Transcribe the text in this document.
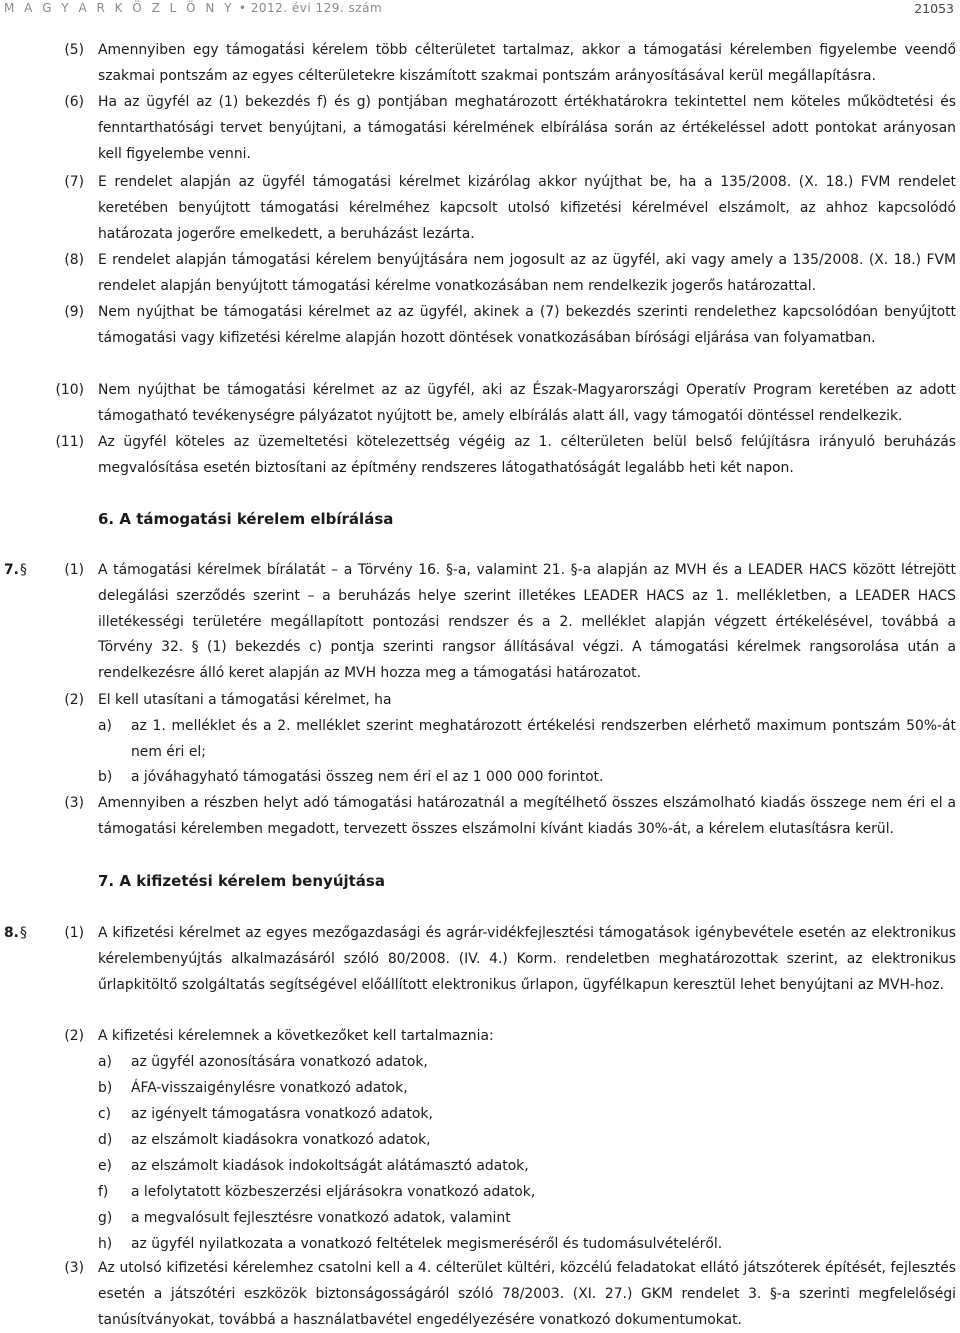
M A G Y A R K Ö Z L Ö N Y • 2012. évi 129. szám	21053
(5) Amennyiben egy támogatási kérelem több célterületet tartalmaz, akkor a támogatási kérelemben figyelembe veendő szakmai pontszám az egyes célterületekre kiszámított szakmai pontszám arányosításával kerül megállapításra.
(6) Ha az ügyfél az (1) bekezdés f) és g) pontjában meghatározott értékhatárokra tekintettel nem köteles működtetési és fenntarthatósági tervet benyújtani, a támogatási kérelmének elbírálása során az értékeléssel adott pontokat arányosan kell figyelembe venni.
(7) E rendelet alapján az ügyfél támogatási kérelmet kizárólag akkor nyújthat be, ha a 135/2008. (X. 18.) FVM rendelet keretében benyújtott támogatási kérelméhez kapcsolt utolsó kifizetési kérelmével elszámolt, az ahhoz kapcsolódó határozata jogerőre emelkedett, a beruházást lezárta.
(8) E rendelet alapján támogatási kérelem benyújtására nem jogosult az az ügyfél, aki vagy amely a 135/2008. (X. 18.) FVM rendelet alapján benyújtott támogatási kérelme vonatkozásában nem rendelkezik jogerős határozattal.
(9) Nem nyújthat be támogatási kérelmet az az ügyfél, akinek a (7) bekezdés szerinti rendelethez kapcsolódóan benyújtott támogatási vagy kifizetési kérelme alapján hozott döntések vonatkozásában bírósági eljárása van folyamatban.
(10) Nem nyújthat be támogatási kérelmet az az ügyfél, aki az Észak-Magyarországi Operatív Program keretében az adott támogatható tevékenységre pályázatot nyújtott be, amely elbírálás alatt áll, vagy támogatói döntéssel rendelkezik.
(11) Az ügyfél köteles az üzemeltetési kötelezettség végéig az 1. célterületen belül belső felújításra irányuló beruházás megvalósítása esetén biztosítani az építmény rendszeres látogathatóságát legalább heti két napon.
6. A támogatási kérelem elbírálása
7. §	(1) A támogatási kérelmek bírálatát – a Törvény 16. §-a, valamint 21. §-a alapján az MVH és a LEADER HACS között létrejött delegálási szerződés szerint – a beruházás helye szerint illetékes LEADER HACS az 1. mellékletben, a LEADER HACS illetékességi területére megállapított pontozási rendszer és a 2. melléklet alapján végzett értékelésével, továbbá a Törvény 32. § (1) bekezdés c) pontja szerinti rangsor állításával végzi. A támogatási kérelmek rangsorolása után a rendelkezésre álló keret alapján az MVH hozza meg a támogatási határozatot.
(2) El kell utasítani a támogatási kérelmet, ha
a) az 1. melléklet és a 2. melléklet szerint meghatározott értékelési rendszerben elérhető maximum pontszám 50%-át nem éri el;
b) a jóváhagyható támogatási összeg nem éri el az 1 000 000 forintot.
(3) Amennyiben a részben helyt adó támogatási határozatnál a megítélhető összes elszámolható kiadás összege nem éri el a támogatási kérelemben megadott, tervezett összes elszámolni kívánt kiadás 30%-át, a kérelem elutasításra kerül.
7. A kifizetési kérelem benyújtása
8. §	(1) A kifizetési kérelmet az egyes mezőgazdasági és agrár-vidékfejlesztési támogatások igénybevétele esetén az elektronikus kérelembenyújtás alkalmazásáról szóló 80/2008. (IV. 4.) Korm. rendeletben meghatározottak szerint, az elektronikus űrlapkitöltő szolgáltatás segítségével előállított elektronikus űrlapon, ügyfélkapun keresztül lehet benyújtani az MVH-hoz.
(2) A kifizetési kérelemnek a következőket kell tartalmaznia:
a) az ügyfél azonosítására vonatkozó adatok,
b) ÁFA-visszaigénylésre vonatkozó adatok,
c) az igényelt támogatásra vonatkozó adatok,
d) az elszámolt kiadásokra vonatkozó adatok,
e) az elszámolt kiadások indokoltságát alátámasztó adatok,
f) a lefolytatott közbeszerzési eljárásokra vonatkozó adatok,
g) a megvalósult fejlesztésre vonatkozó adatok, valamint
h) az ügyfél nyilatkozata a vonatkozó feltételek megismeréséről és tudomásulvételéről.
(3) Az utolsó kifizetési kérelemhez csatolni kell a 4. célterület kültéri, közcélú feladatokat ellátó játszóterek építését, fejlesztés esetén a játszótéri eszközök biztonságosságáról szóló 78/2003. (XI. 27.) GKM rendelet 3. §-a szerinti megfelelőségi tanúsítványokat, továbbá a használatbavétel engedélyezésére vonatkozó dokumentumokat.
